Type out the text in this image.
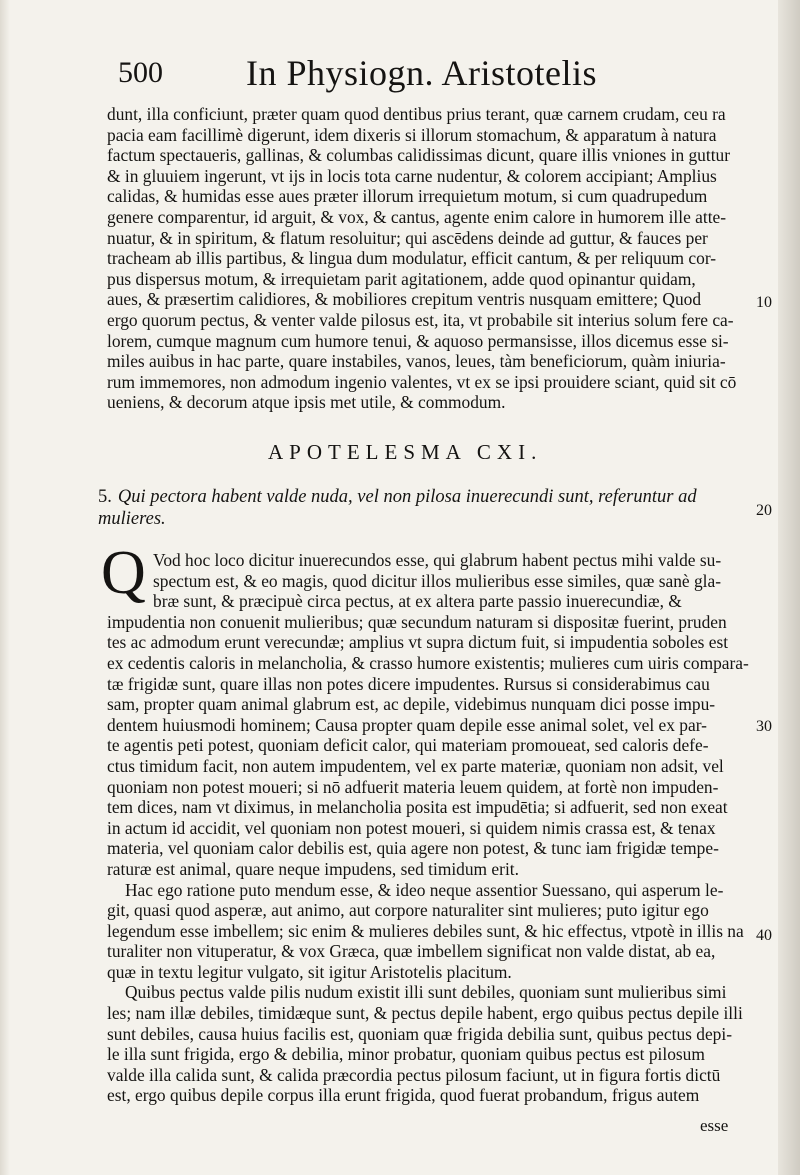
500 In Physiogn. Aristotelis
dunt, illa conficiunt, præter quam quod dentibus prius terant, quæ carnem crudam, ceu ra
pacia eam facillimè digerunt, idem dixeris si illorum stomachum, & apparatum à natura
factum spectaueris, gallinas, & columbas calidissimas dicunt, quare illis vniones in guttur
& in gluuiem ingerunt, vt ijs in locis tota carne nudentur, & colorem accipiant; Amplius
calidas, & humidas esse aues præter illorum irrequietum motum, si cum quadrupedum
genere comparentur, id arguit, & vox, & cantus, agente enim calore in humorem ille atte-
nuatur, & in spiritum, & flatum resoluitur; qui ascēdens deinde ad guttur, & fauces per
tracheam ab illis partibus, & lingua dum modulatur, efficit cantum, & per reliquum cor-
pus dispersus motum, & irrequietam parit agitationem, adde quod opinantur quidam,
aues, & præsertim calidiores, & mobiliores crepitum ventris nusquam emittere; Quod
ergo quorum pectus, & venter valde pilosus est, ita, vt probabile sit interius solum fere ca-
lorem, cumque magnum cum humore tenui, & aquoso permansisse, illos dicemus esse si-
miles auibus in hac parte, quare instabiles, vanos, leues, tàm beneficiorum, quàm iniuria-
rum immemores, non admodum ingenio valentes, vt ex se ipsi prouidere sciant, quid sit cō
ueniens, & decorum atque ipsis met utile, & commodum.
APOTELESMA CXI.
5. Qui pectora habent valde nuda, vel non pilosa inuerecundi sunt, referuntur ad
mulieres.
Q Vod hoc loco dicitur inuerecundos esse, qui glabrum habent pectus mihi valde su-
spectum est, & eo magis, quod dicitur illos mulieribus esse similes, quæ sanè gla-
bræ sunt, & præcipuè circa pectus, at ex altera parte passio inuerecundiæ, &
impudentia non conuenit mulieribus; quæ secundum naturam si dispositæ fuerint, pruden
tes ac admodum erunt verecundæ; amplius vt supra dictum fuit, si impudentia soboles est
ex cedentis caloris in melancholia, & crasso humore existentis; mulieres cum uiris compara-
tæ frigidæ sunt, quare illas non potes dicere impudentes. Rursus si considerabimus cau
sam, propter quam animal glabrum est, ac depile, videbimus nunquam dici posse impu-
dentem huiusmodi hominem; Causa propter quam depile esse animal solet, vel ex par-
te agentis peti potest, quoniam deficit calor, qui materiam promoueat, sed caloris defe-
ctus timidum facit, non autem impudentem, vel ex parte materiæ, quoniam non adsit, vel
quoniam non potest moueri; si nō adfuerit materia leuem quidem, at fortè non impuden-
tem dices, nam vt diximus, in melancholia posita est impudētia; si adfuerit, sed non exeat
in actum id accidit, vel quoniam non potest moueri, si quidem nimis crassa est, & tenax
materia, vel quoniam calor debilis est, quia agere non potest, & tunc iam frigidæ tempe-
raturæ est animal, quare neque impudens, sed timidum erit.
Hac ego ratione puto mendum esse, & ideo neque assentior Suessano, qui asperum le-
git, quasi quod asperæ, aut animo, aut corpore naturaliter sint mulieres; puto igitur ego
legendum esse imbellem; sic enim & mulieres debiles sunt, & hic effectus, vtpotè in illis na
turaliter non vituperatur, & vox Græca, quæ imbellem significat non valde distat, ab ea,
quæ in textu legitur vulgato, sit igitur Aristotelis placitum.
Quibus pectus valde pilis nudum existit illi sunt debiles, quoniam sunt mulieribus simi
les; nam illæ debiles, timidæque sunt, & pectus depile habent, ergo quibus pectus depile illi
sunt debiles, causa huius facilis est, quoniam quæ frigida debilia sunt, quibus pectus depi-
le illa sunt frigida, ergo & debilia, minor probatur, quoniam quibus pectus est pilosum
valde illa calida sunt, & calida præcordia pectus pilosum faciunt, ut in figura fortis dictū
est, ergo quibus depile corpus illa erunt frigida, quod fuerat probandum, frigus autem
10
20
30
40
esse
